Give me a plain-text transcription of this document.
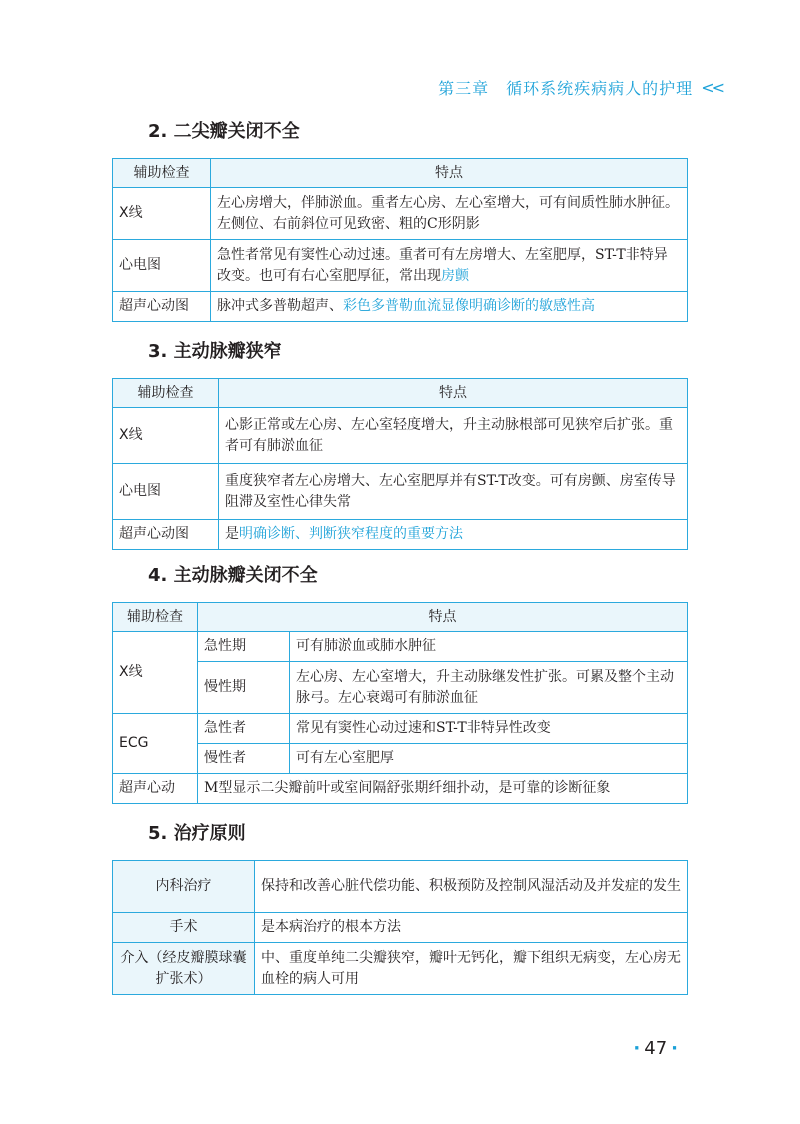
第三章　循环系统疾病病人的护理 <<
2. 二尖瓣关闭不全
辅助检查	特点
X线	左心房增大，伴肺淤血。重者左心房、左心室增大，可有间质性肺水肿征。左侧位、右前斜位可见致密、粗的C形阴影
心电图	急性者常见有窦性心动过速。重者可有左房增大、左室肥厚，ST-T非特异改变。也可有右心室肥厚征，常出现房颤
超声心动图	脉冲式多普勒超声、彩色多普勒血流显像明确诊断的敏感性高
3. 主动脉瓣狭窄
辅助检查	特点
X线	心影正常或左心房、左心室轻度增大，升主动脉根部可见狭窄后扩张。重者可有肺淤血征
心电图	重度狭窄者左心房增大、左心室肥厚并有ST-T改变。可有房颤、房室传导阻滞及室性心律失常
超声心动图	是明确诊断、判断狭窄程度的重要方法
4. 主动脉瓣关闭不全
辅助检查	特点	
X线	急性期	可有肺淤血或肺水肿征
	慢性期	左心房、左心室增大，升主动脉继发性扩张。可累及整个主动脉弓。左心衰竭可有肺淤血征
ECG	急性者	常见有窦性心动过速和ST-T非特异性改变
	慢性者	可有左心室肥厚
超声心动	M型显示二尖瓣前叶或室间隔舒张期纤细扑动，是可靠的诊断征象	
5. 治疗原则
内科治疗	保持和改善心脏代偿功能、积极预防及控制风湿活动及并发症的发生
手术	是本病治疗的根本方法
介入（经皮瓣膜球囊扩张术）	中、重度单纯二尖瓣狭窄，瓣叶无钙化，瓣下组织无病变，左心房无血栓的病人可用
· 47 ·
